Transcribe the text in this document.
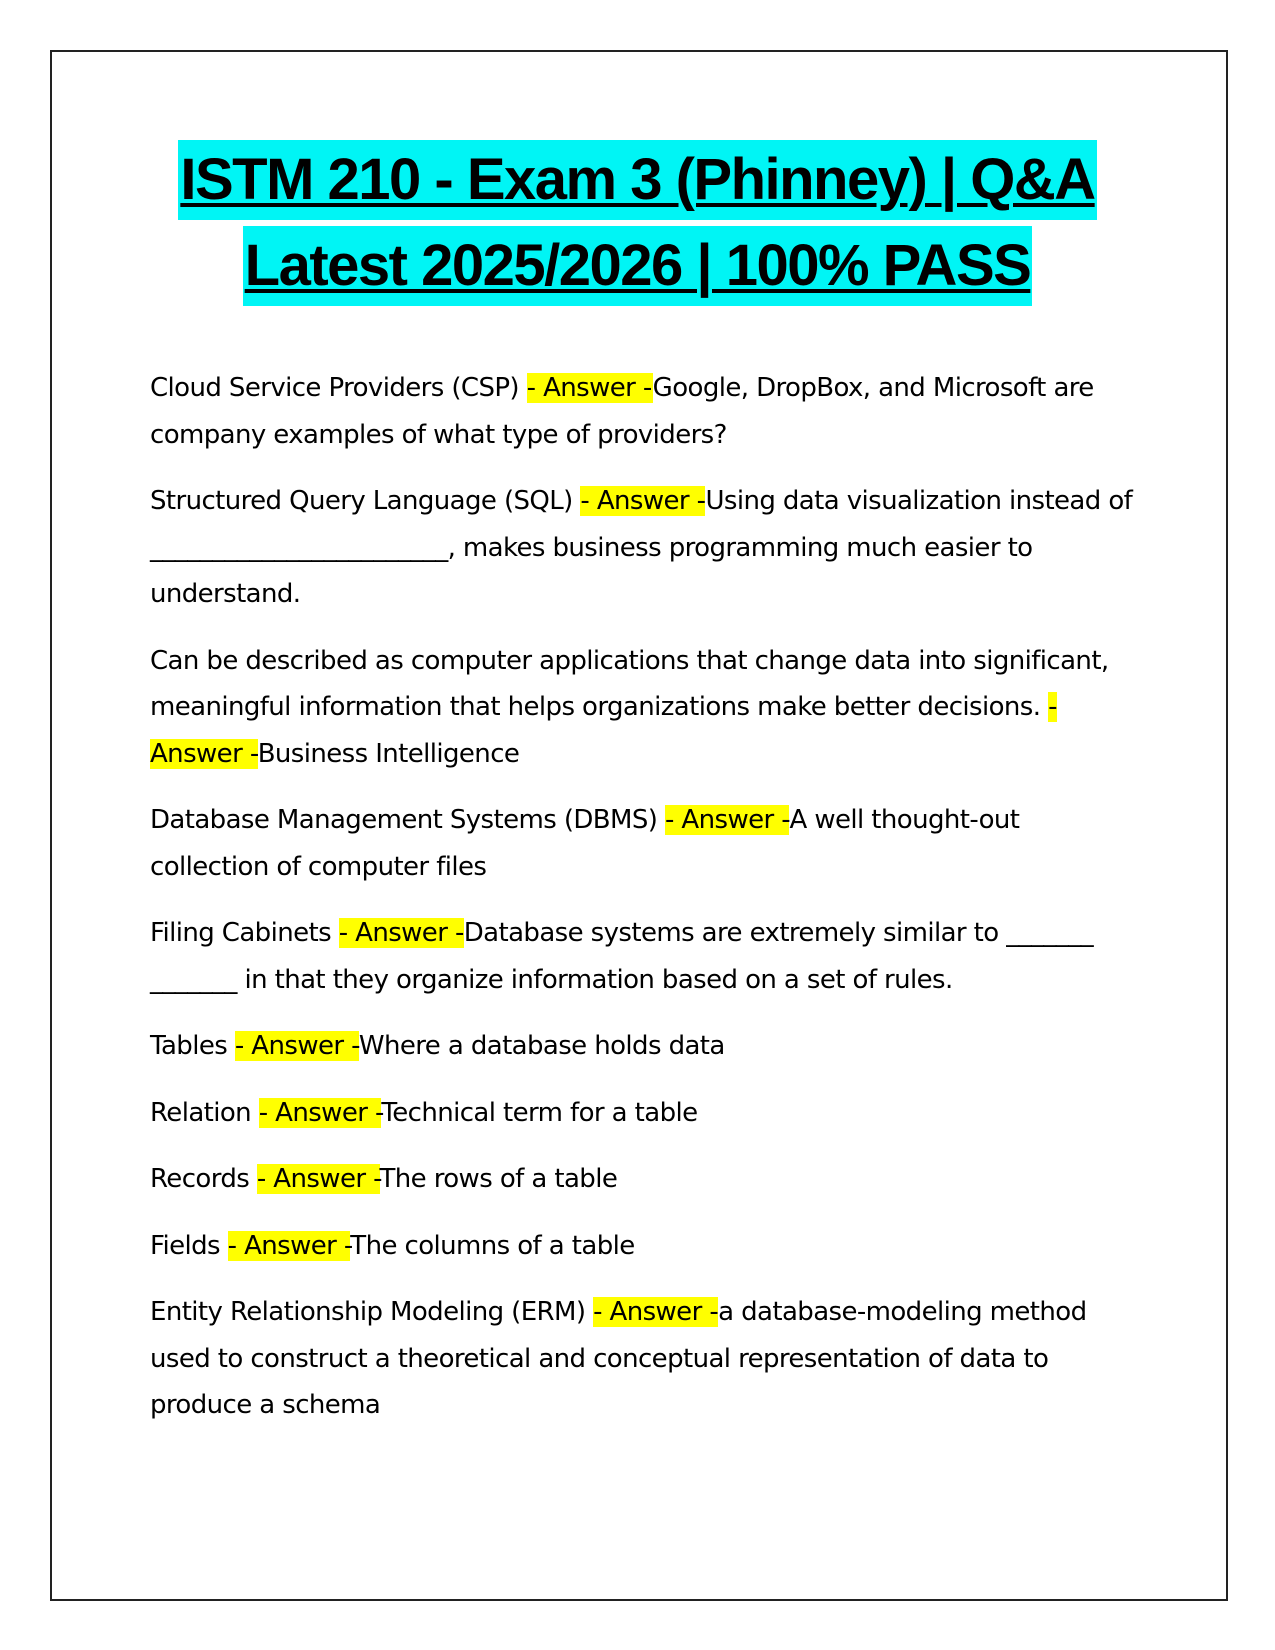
ISTM 210 - Exam 3 (Phinney) | Q&A
Latest 2025/2026 | 100% PASS

Cloud Service Providers (CSP) - Answer -Google, DropBox, and Microsoft are company examples of what type of providers?

Structured Query Language (SQL) - Answer -Using data visualization instead of ________________________, makes business programming much easier to understand.

Can be described as computer applications that change data into significant, meaningful information that helps organizations make better decisions. - Answer -Business Intelligence

Database Management Systems (DBMS) - Answer -A well thought-out collection of computer files

Filing Cabinets - Answer -Database systems are extremely similar to _______ _______ in that they organize information based on a set of rules.

Tables - Answer -Where a database holds data

Relation - Answer -Technical term for a table

Records - Answer -The rows of a table

Fields - Answer -The columns of a table

Entity Relationship Modeling (ERM) - Answer -a database-modeling method used to construct a theoretical and conceptual representation of data to produce a schema
